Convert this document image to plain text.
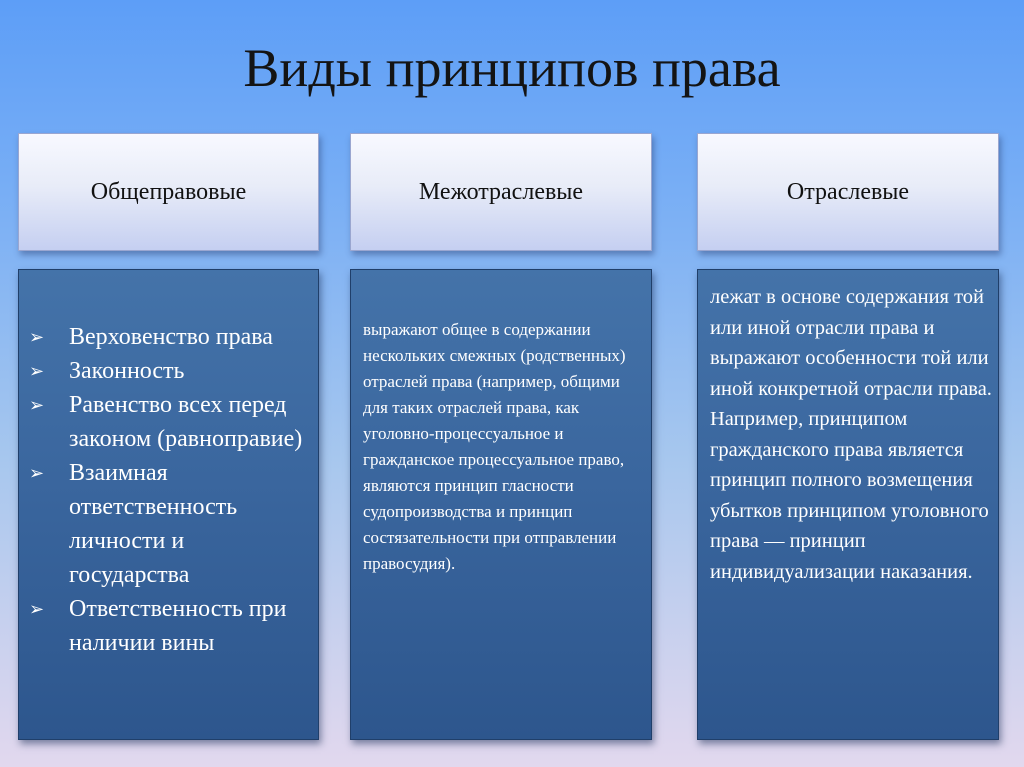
Виды принципов права
Общеправовые	Межотраслевые	Отраслевые
➢	Верховенство права
➢	Законность
➢	Равенство всех перед законом (равноправие)
➢	Взаимная ответственность личности и государства
➢	Ответственность при наличии вины

выражают общее в содержании нескольких смежных (родственных) отраслей права (например, общими для таких отраслей права, как уголовно-процессуальное и гражданское процессуальное право, являются принцип гласности судопроизводства и принцип состязательности при отправлении правосудия).

лежат в основе содержания той или иной отрасли права и выражают особенности той или иной конкретной отрасли права. Например, принципом гражданского права является принцип полного возмещения убытков принципом уголовного права — принцип индивидуализации наказания.
